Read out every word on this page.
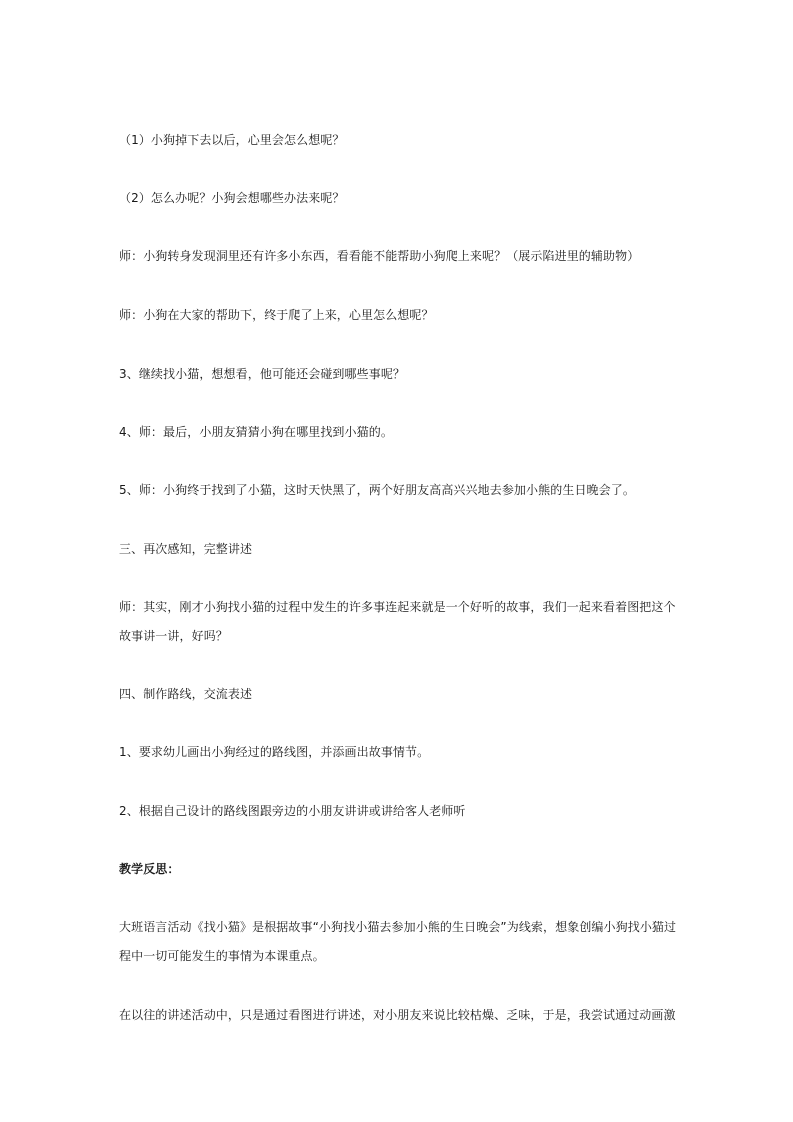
（1）小狗掉下去以后，心里会怎么想呢？
（2）怎么办呢？小狗会想哪些办法来呢？
师：小狗转身发现洞里还有许多小东西，看看能不能帮助小狗爬上来呢？（展示陷进里的辅助物）
师：小狗在大家的帮助下，终于爬了上来，心里怎么想呢？
3、继续找小猫，想想看，他可能还会碰到哪些事呢？
4、师：最后，小朋友猜猜小狗在哪里找到小猫的。
5、师：小狗终于找到了小猫，这时天快黑了，两个好朋友高高兴兴地去参加小熊的生日晚会了。
三、再次感知，完整讲述
师：其实，刚才小狗找小猫的过程中发生的许多事连起来就是一个好听的故事，我们一起来看着图把这个
故事讲一讲，好吗？
四、制作路线，交流表述
1、要求幼儿画出小狗经过的路线图，并添画出故事情节。
2、根据自己设计的路线图跟旁边的小朋友讲讲或讲给客人老师听
教学反思：
大班语言活动《找小猫》是根据故事“小狗找小猫去参加小熊的生日晚会”为线索，想象创编小狗找小猫过
程中一切可能发生的事情为本课重点。
在以往的讲述活动中，只是通过看图进行讲述，对小朋友来说比较枯燥、乏味，于是，我尝试通过动画激
